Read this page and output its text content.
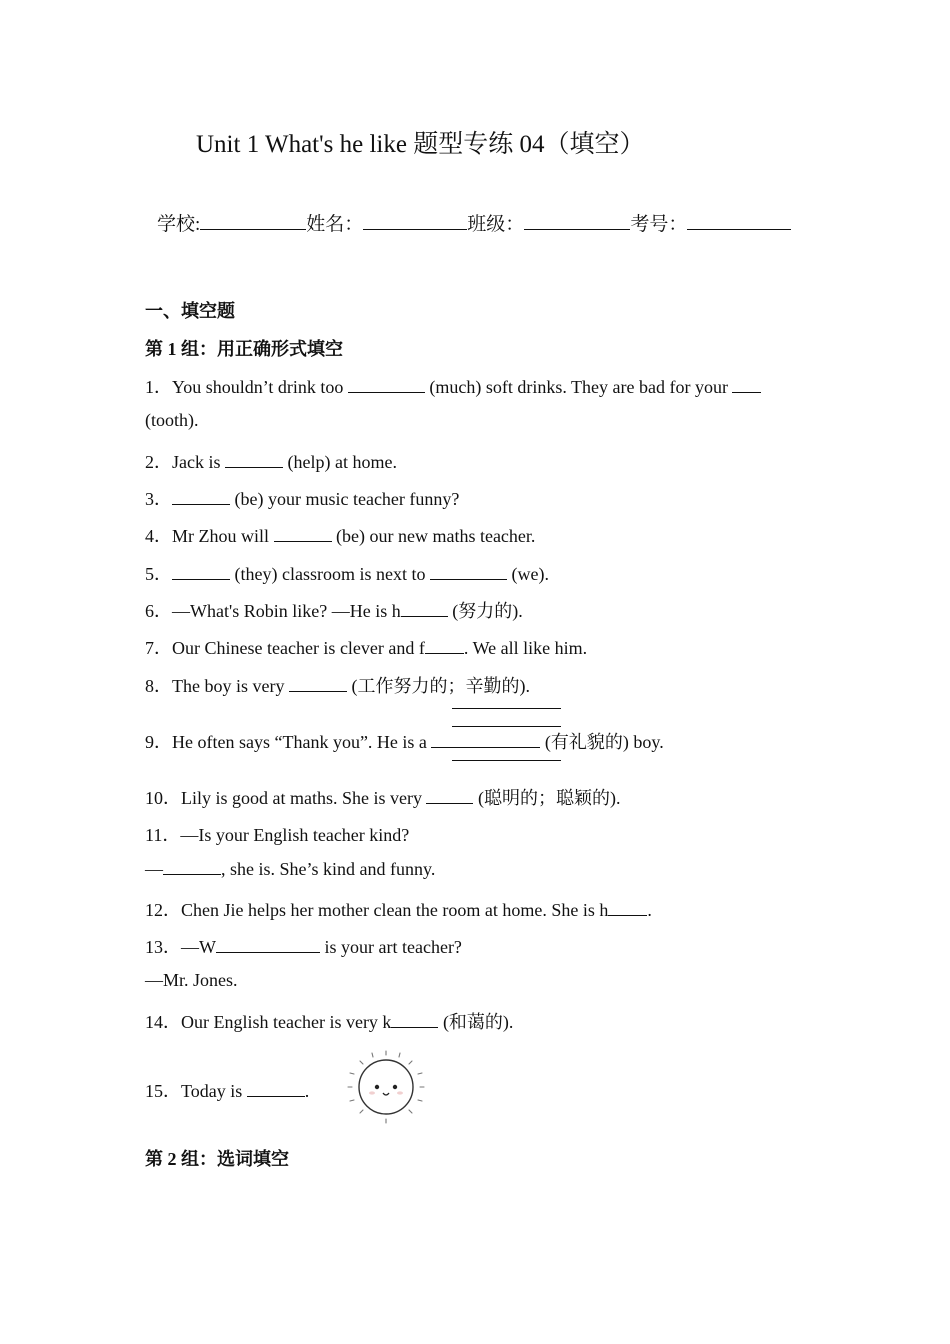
Unit 1 What's he like 题型专练 04（填空）
学校:	姓名：	班级：	考号：
一、填空题
第 1 组：用正确形式填空
1．You shouldn’t drink too	(much) soft drinks. They are bad for your
(tooth).
2．Jack is	(help) at home.
3．	(be) your music teacher funny?
4．Mr Zhou will	(be) our new maths teacher.
5．	(they) classroom is next to	(we).
6．—What's Robin like? —He is h	(努力的).
7．Our Chinese teacher is clever and f . We all like him.
8．The boy is very	(工作努力的；辛勤的).
9．He often says “Thank you”. He is a	(有礼貌的) boy.
10．Lily is good at maths. She is very	(聪明的；聪颖的).
11．—Is your English teacher kind?
—	, she is. She’s kind and funny.
12．Chen Jie helps her mother clean the room at home. She is h .
13．—W	is your art teacher?
—Mr. Jones.
14．Our English teacher is very k	(和蔼的).
15．Today is	.
第 2 组：选词填空
